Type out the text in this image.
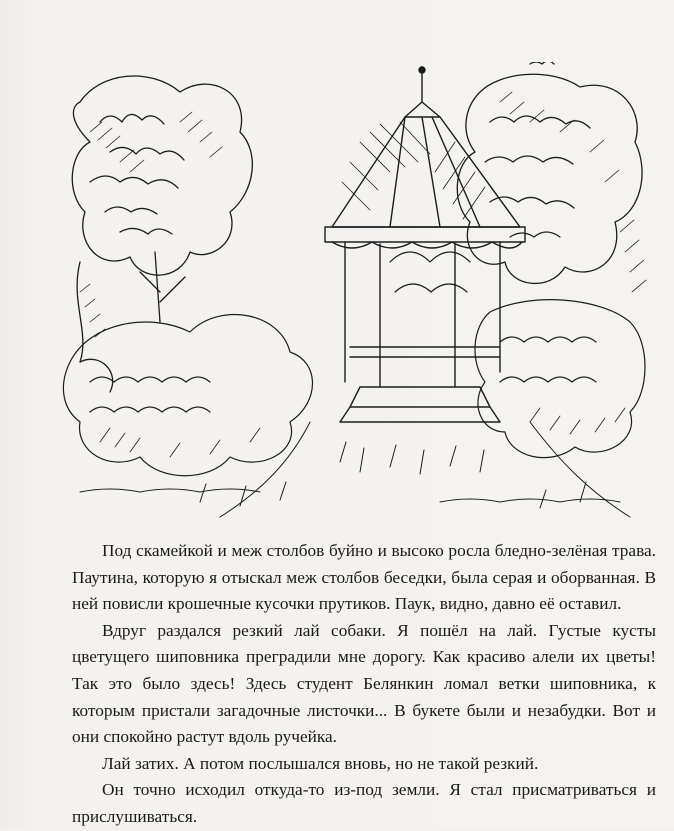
Под скамейкой и меж столбов буйно и высоко росла бледно-зелёная трава. Паутина, которую я отыскал меж столбов беседки, была серая и оборванная. В ней повисли крошечные кусочки прутиков. Паук, видно, давно её оставил.

Вдруг раздался резкий лай собаки. Я пошёл на лай. Густые кусты цветущего шиповника преградили мне дорогу. Как красиво алели их цветы! Так это было здесь! Здесь студент Белянкин ломал ветки шиповника, к которым пристали загадочные листочки... В букете были и незабудки. Вот и они спокойно растут вдоль ручейка.

Лай затих. А потом послышался вновь, но не такой резкий.

Он точно исходил откуда-то из-под земли. Я стал присматриваться и прислушиваться.
